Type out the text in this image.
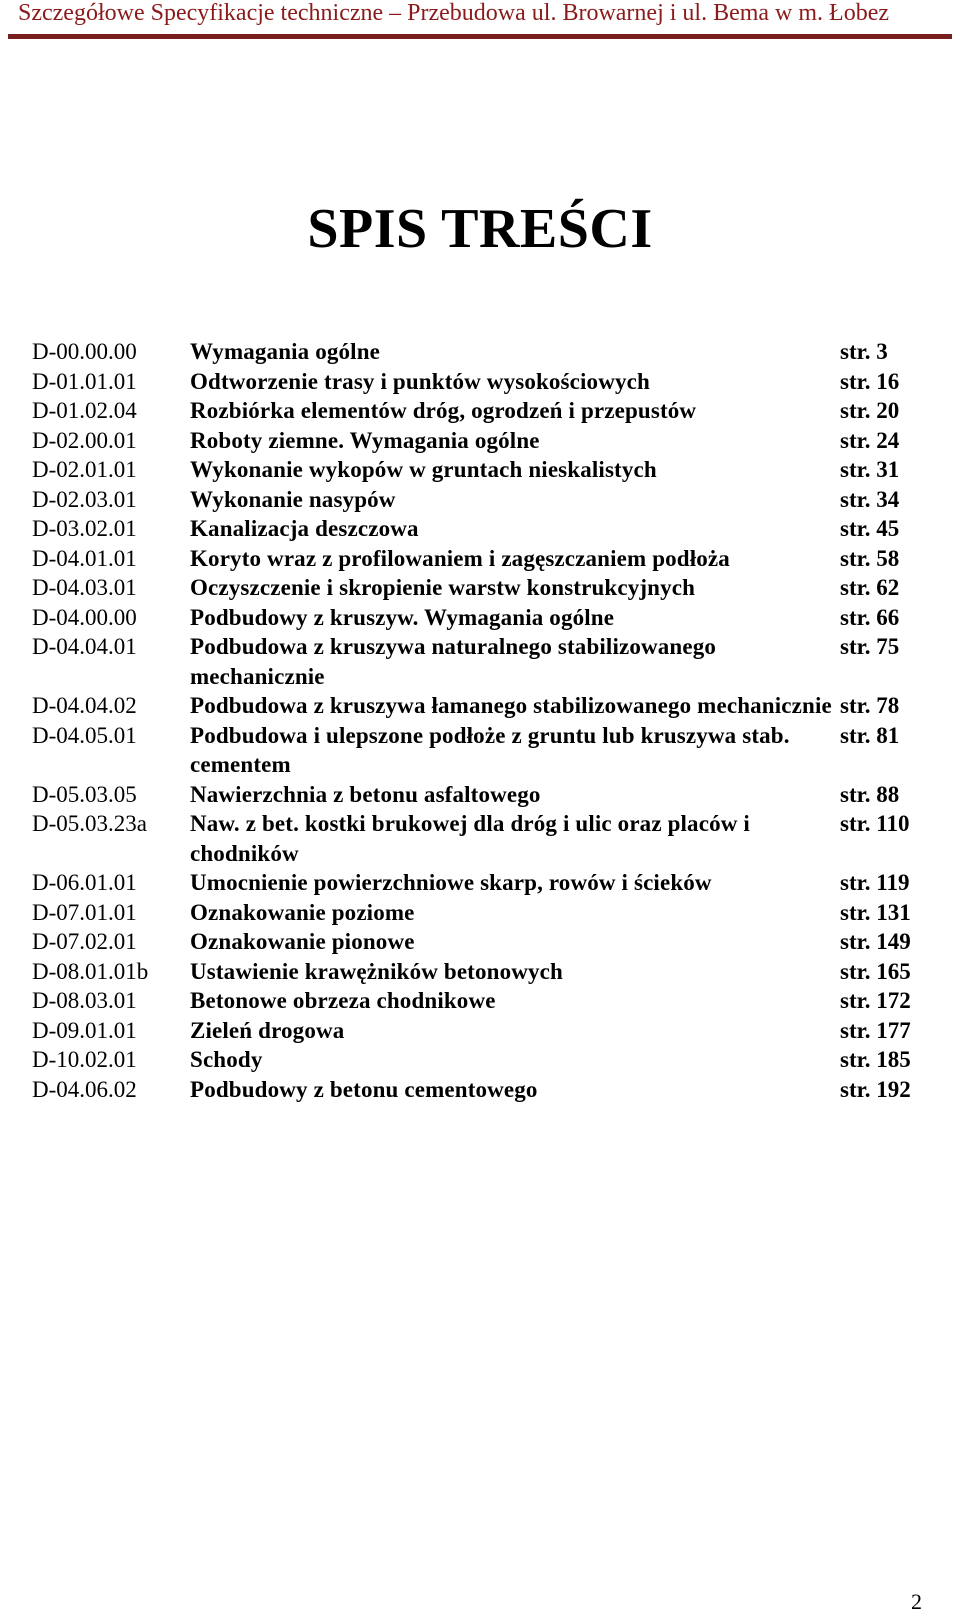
Szczegółowe Specyfikacje techniczne – Przebudowa ul. Browarnej i ul. Bema w m. Łobez
SPIS TREŚCI
D-00.00.00	Wymagania ogólne	str. 3
D-01.01.01	Odtworzenie trasy i punktów wysokościowych	str. 16
D-01.02.04	Rozbiórka elementów dróg, ogrodzeń i przepustów	str. 20
D-02.00.01	Roboty ziemne. Wymagania ogólne	str. 24
D-02.01.01	Wykonanie wykopów w gruntach nieskalistych	str. 31
D-02.03.01	Wykonanie nasypów	str. 34
D-03.02.01	Kanalizacja deszczowa	str. 45
D-04.01.01	Koryto wraz z profilowaniem i zagęszczaniem podłoża	str. 58
D-04.03.01	Oczyszczenie i skropienie warstw konstrukcyjnych	str. 62
D-04.00.00	Podbudowy z kruszyw. Wymagania ogólne	str. 66
D-04.04.01	Podbudowa z kruszywa naturalnego stabilizowanego mechanicznie
str. 75
D-04.04.02	Podbudowa z kruszywa łamanego stabilizowanego mechanicznie str. 78
D-04.05.01	Podbudowa i ulepszone podłoże z gruntu lub kruszywa stab. cementem
str. 81
D-05.03.05	Nawierzchnia z betonu asfaltowego	str. 88
D-05.03.23a	Naw. z bet. kostki brukowej dla dróg i ulic oraz placów i chodników
str. 110
D-06.01.01	Umocnienie powierzchniowe skarp, rowów i ścieków	str. 119
D-07.01.01	Oznakowanie poziome	str. 131
D-07.02.01	Oznakowanie pionowe	str. 149
D-08.01.01b	Ustawienie krawężników betonowych	str. 165
D-08.03.01	Betonowe obrzeza chodnikowe	str. 172
D-09.01.01	Zieleń drogowa	str. 177
D-10.02.01	Schody	str. 185
D-04.06.02	Podbudowy z betonu cementowego	str. 192
2
